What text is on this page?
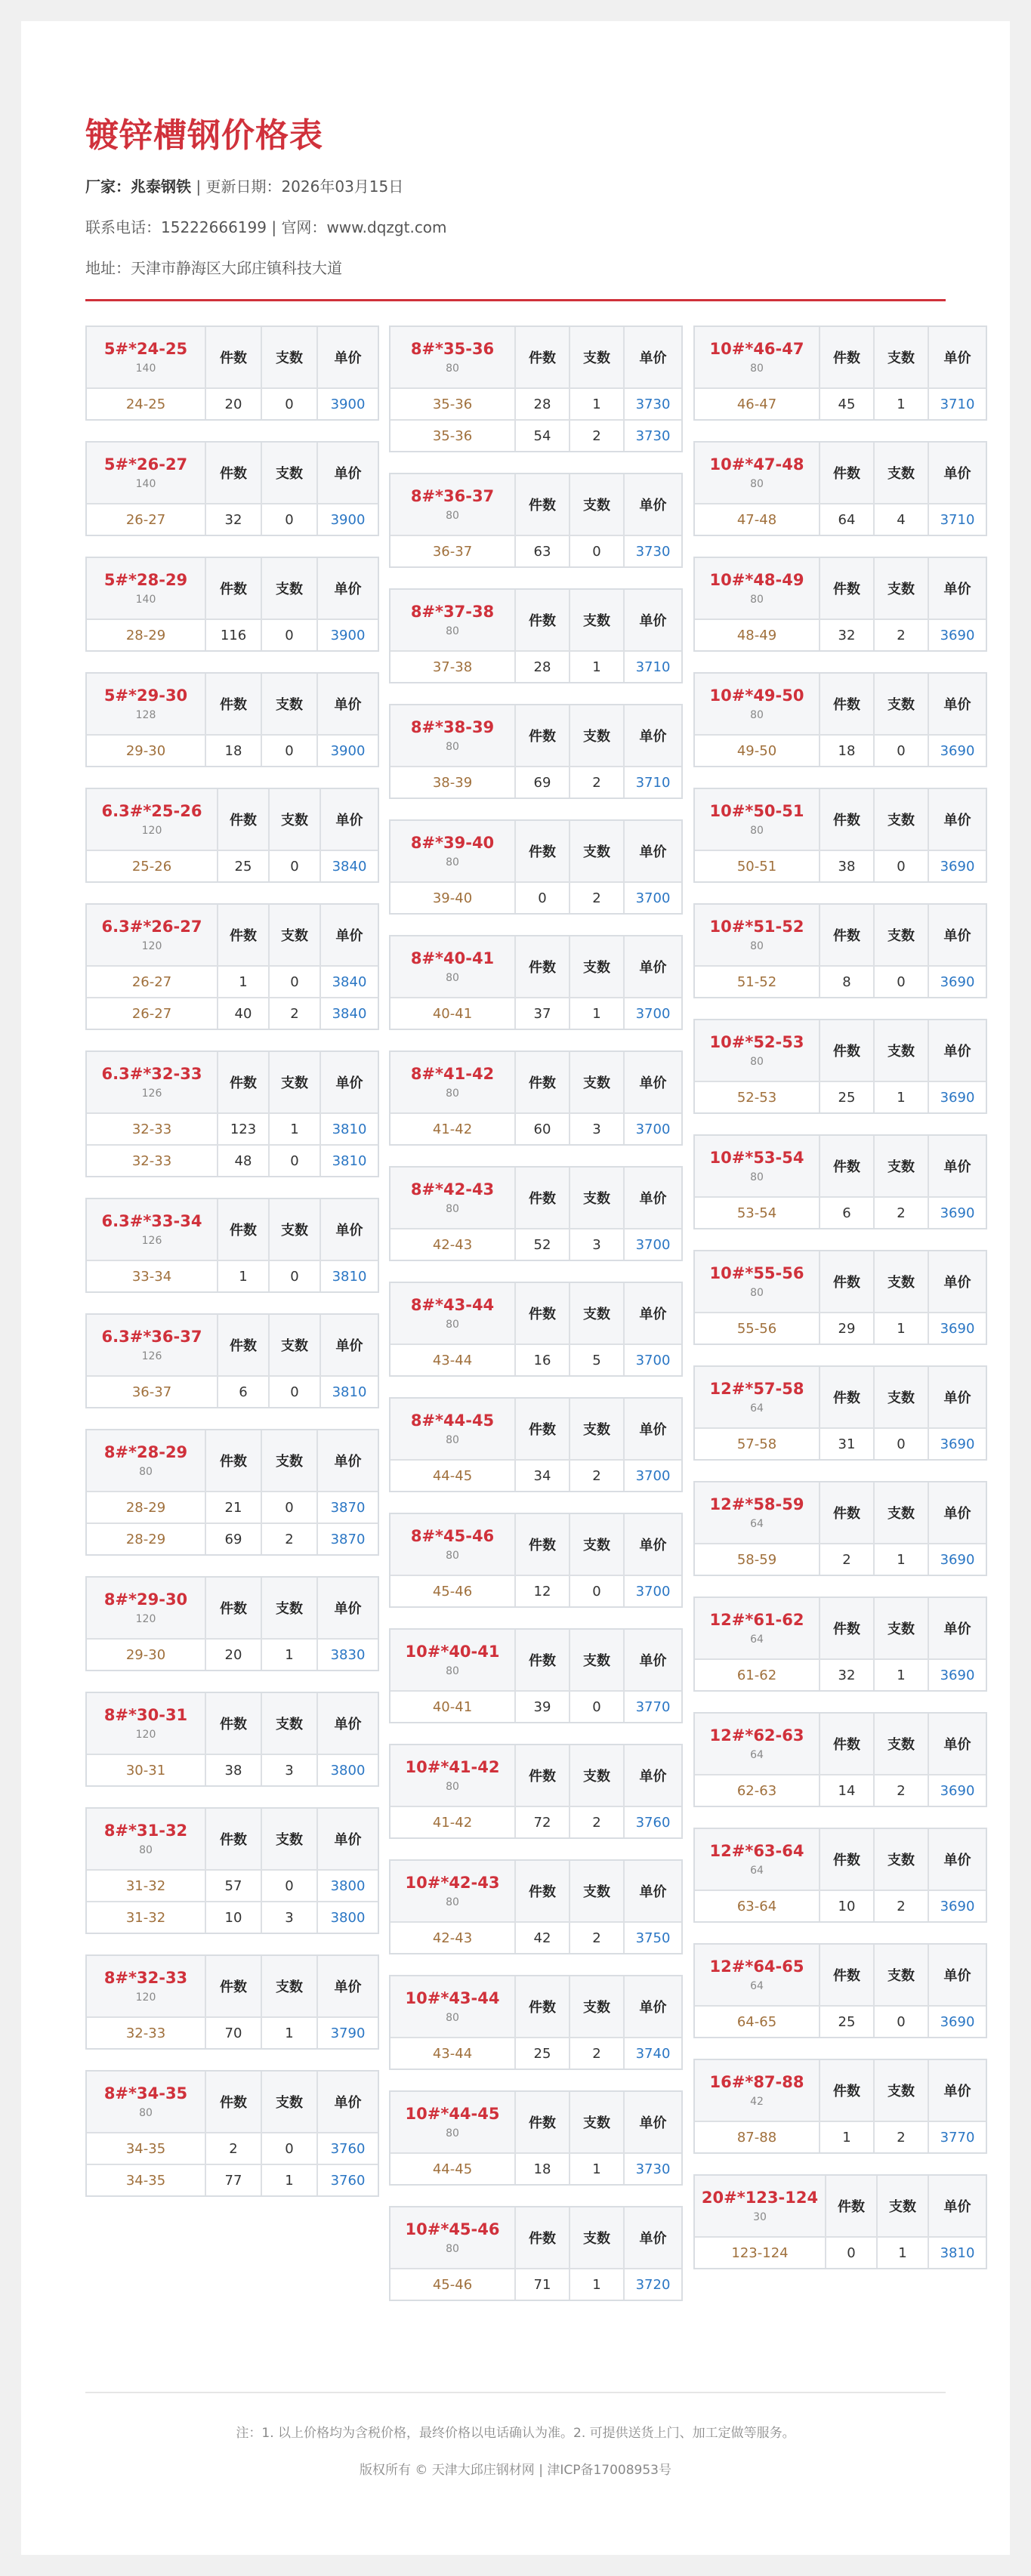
镀锌槽钢价格表
厂家：兆泰钢铁 | 更新日期：2026年03月15日
联系电话：15222666199 | 官网：www.dqzgt.com
地址：天津市静海区大邱庄镇科技大道
5#*24-25
140
件数	支数	单价
24-25	20	0	3900
5#*26-27
140
件数	支数	单价
26-27	32	0	3900
5#*28-29
140
件数	支数	单价
28-29	116	0	3900
5#*29-30
128
件数	支数	单价
29-30	18	0	3900
6.3#*25-26
120
件数	支数	单价
25-26	25	0	3840
6.3#*26-27
120
件数	支数	单价
26-27	1	0	3840
26-27	40	2	3840
6.3#*32-33
126
件数	支数	单价
32-33	123	1	3810
32-33	48	0	3810
6.3#*33-34
126
件数	支数	单价
33-34	1	0	3810
6.3#*36-37
126
件数	支数	单价
36-37	6	0	3810
8#*28-29
80
件数	支数	单价
28-29	21	0	3870
28-29	69	2	3870
8#*29-30
120
件数	支数	单价
29-30	20	1	3830
8#*30-31
120
件数	支数	单价
30-31	38	3	3800
8#*31-32
80
件数	支数	单价
31-32	57	0	3800
31-32	10	3	3800
8#*32-33
120
件数	支数	单价
32-33	70	1	3790
8#*34-35
80
件数	支数	单价
34-35	2	0	3760
34-35	77	1	3760
8#*35-36
80
件数	支数	单价
35-36	28	1	3730
35-36	54	2	3730
8#*36-37
80
件数	支数	单价
36-37	63	0	3730
8#*37-38
80
件数	支数	单价
37-38	28	1	3710
8#*38-39
80
件数	支数	单价
38-39	69	2	3710
8#*39-40
80
件数	支数	单价
39-40	0	2	3700
8#*40-41
80
件数	支数	单价
40-41	37	1	3700
8#*41-42
80
件数	支数	单价
41-42	60	3	3700
8#*42-43
80
件数	支数	单价
42-43	52	3	3700
8#*43-44
80
件数	支数	单价
43-44	16	5	3700
8#*44-45
80
件数	支数	单价
44-45	34	2	3700
8#*45-46
80
件数	支数	单价
45-46	12	0	3700
10#*40-41
80
件数	支数	单价
40-41	39	0	3770
10#*41-42
80
件数	支数	单价
41-42	72	2	3760
10#*42-43
80
件数	支数	单价
42-43	42	2	3750
10#*43-44
80
件数	支数	单价
43-44	25	2	3740
10#*44-45
80
件数	支数	单价
44-45	18	1	3730
10#*45-46
80
件数	支数	单价
45-46	71	1	3720
10#*46-47
80
件数	支数	单价
46-47	45	1	3710
10#*47-48
80
件数	支数	单价
47-48	64	4	3710
10#*48-49
80
件数	支数	单价
48-49	32	2	3690
10#*49-50
80
件数	支数	单价
49-50	18	0	3690
10#*50-51
80
件数	支数	单价
50-51	38	0	3690
10#*51-52
80
件数	支数	单价
51-52	8	0	3690
10#*52-53
80
件数	支数	单价
52-53	25	1	3690
10#*53-54
80
件数	支数	单价
53-54	6	2	3690
10#*55-56
80
件数	支数	单价
55-56	29	1	3690
12#*57-58
64
件数	支数	单价
57-58	31	0	3690
12#*58-59
64
件数	支数	单价
58-59	2	1	3690
12#*61-62
64
件数	支数	单价
61-62	32	1	3690
12#*62-63
64
件数	支数	单价
62-63	14	2	3690
12#*63-64
64
件数	支数	单价
63-64	10	2	3690
12#*64-65
64
件数	支数	单价
64-65	25	0	3690
16#*87-88
42
件数	支数	单价
87-88	1	2	3770
20#*123-124
30
件数	支数	单价
123-124	0	1	3810
注：1. 以上价格均为含税价格，最终价格以电话确认为准。2. 可提供送货上门、加工定做等服务。
版权所有 © 天津大邱庄钢材网 | 津ICP备17008953号
